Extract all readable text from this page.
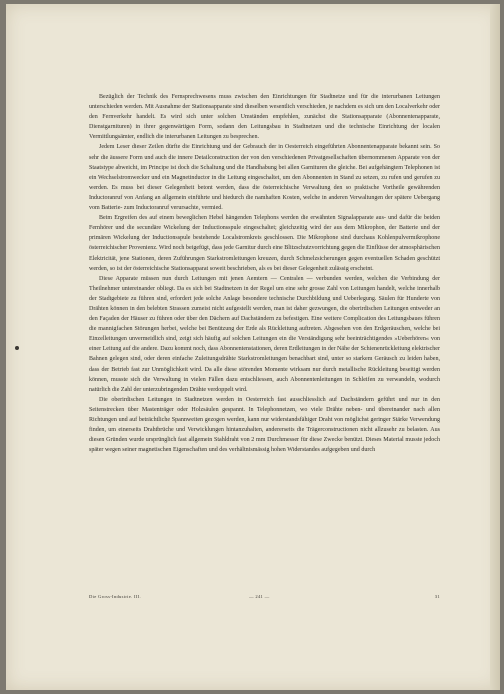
Bezüglich der Technik des Fernsprechwesens muss zwischen den Einrichtungen für Stadtnetze und für die interurbanen Leitungen unterschieden werden. Mit Ausnahme der Stationsapparate sind dieselben wesentlich verschieden, je nachdem es sich um den Localverkehr oder den Fernverkehr handelt. Es wird sich unter solchen Umständen empfehlen, zunächst die Stationsapparate (Abonnentenapparate, Dienstgarnituren) in ihrer gegenwärtigen Form, sodann den Leitungsbau in Stadtnetzen und die technische Einrichtung der localen Vermittlungsämter, endlich die interurbanen Leitungen zu besprechen.

Jedem Leser dieser Zeilen dürfte die Einrichtung und der Gebrauch der in Oesterreich eingeführten Abonnentenapparate bekannt sein. So sehr die äussere Form und auch die innere Detailconstruction der von den verschiedenen Privatgesellschaften übernommenen Apparate von der Staatstype abweicht, im Principe ist doch die Schaltung und die Handhabung bei allen Garnituren die gleiche. Bei aufgehängtem Telephonen ist ein Wechselstromwecker und ein Magnetinductor in die Leitung eingeschaltet, um den Abonnenten in Stand zu setzen, zu rufen und gerufen zu werden. Es muss bei dieser Gelegenheit betont werden, dass die österreichische Verwaltung den so praktische Vortheile gewährenden Inductoranruf von Anfang an allgemein einführte und hiedurch die namhaften Kosten, welche in anderen Verwaltungen der spätere Uebergang vom Batterie- zum Inductoranruf verursachte, vermied.

Beim Ergreifen des auf einem beweglichen Hebel hängenden Telephons werden die erwähnten Signalapparate aus- und dafür die beiden Fernhörer und die secundäre Wickelung der Inductionsspule eingeschaltet; gleichzeitig wird der aus dem Mikrophon, der Batterie und der primären Wickelung der Inductionsspule bestehende Localstromkreis geschlossen. Die Mikrophone sind durchaus Kohlenpulvermikrophone österreichischer Provenienz. Wird noch beigefügt, dass jede Garnitur durch eine Blitzschutzvorrichtung gegen die Einflüsse der atmosphärischen Elektricität, jene Stationen, deren Zuführungen Starkstromleitungen kreuzen, durch Schmelzsicherungen gegen eventuellen Schaden geschützt werden, so ist der österreichische Stationsapparat soweit beschrieben, als es bei dieser Gelegenheit zulässig erscheint.

Diese Apparate müssen nun durch Leitungen mit jenen Aemtern — Centralen — verbunden werden, welchen die Verbindung der Theilnehmer untereinander obliegt. Da es sich bei Stadtnetzen in der Regel um eine sehr grosse Zahl von Leitungen handelt, welche innerhalb der Stadtgebiete zu führen sind, erfordert jede solche Anlage besondere technische Durchbildung und Ueberlegung. Säulen für Hunderte von Drähten können in den belebten Strassen zumeist nicht aufgestellt werden, man ist daher gezwungen, die oberirdischen Leitungen entweder an den Façaden der Häuser zu führen oder über den Dächern auf Dachständern zu befestigen. Eine weitere Complication des Leitungsbaues führen die mannigfachen Störungen herbei, welche bei Benützung der Erde als Rückleitung auftreten. Abgesehen von den Erdgeräuschen, welche bei Einzelleitungen unvermeidlich sind, zeigt sich häufig auf solchen Leitungen ein die Verständigung sehr beeinträchtigendes »Ueberhören« von einer Leitung auf die andere. Dazu kommt noch, dass Abonnentenstationen, deren Erdleitungen in der Nähe der Schienenrückleitung elektrischer Bahnen gelegen sind, oder deren einfache Zuleitungsdrähte Starkstromleitungen benachbart sind, unter so starkem Geräusch zu leiden haben, dass der Betrieb fast zur Unmöglichkeit wird. Da alle diese störenden Momente wirksam nur durch metallische Rückleitung beseitigt werden können, musste sich die Verwaltung in vielen Fällen dazu entschliessen, auch Abonnentenleitungen in Schleifen zu verwandeln, wodurch natürlich die Zahl der unterzubringenden Drähte verdoppelt wird.

Die oberirdischen Leitungen in Stadtnetzen werden in Oesterreich fast ausschliesslich auf Dachständern geführt und nur in den Seitenstrecken über Mastenträger oder Holzsäulen gespannt. In Telephonnetzen, wo viele Drähte neben- und übereinander nach allen Richtungen und auf beträchtliche Spannweiten gezogen werden, kann nur widerstandsfähiger Draht von möglichst geringer Stärke Verwendung finden, um einerseits Drahtbrüche und Verwicklungen hintanzuhalten, andererseits die Trägerconstructionen nicht allzusehr zu belasten. Aus diesen Gründen wurde ursprünglich fast allgemein Stahldraht von 2 mm Durchmesser für diese Zwecke benützt. Dieses Material musste jedoch später wegen seiner magnetischen Eigenschaften und des verhältnismässig hohen Widerstandes aufgegeben und durch

Die Gross-Industrie. III.	— 241 —	31
